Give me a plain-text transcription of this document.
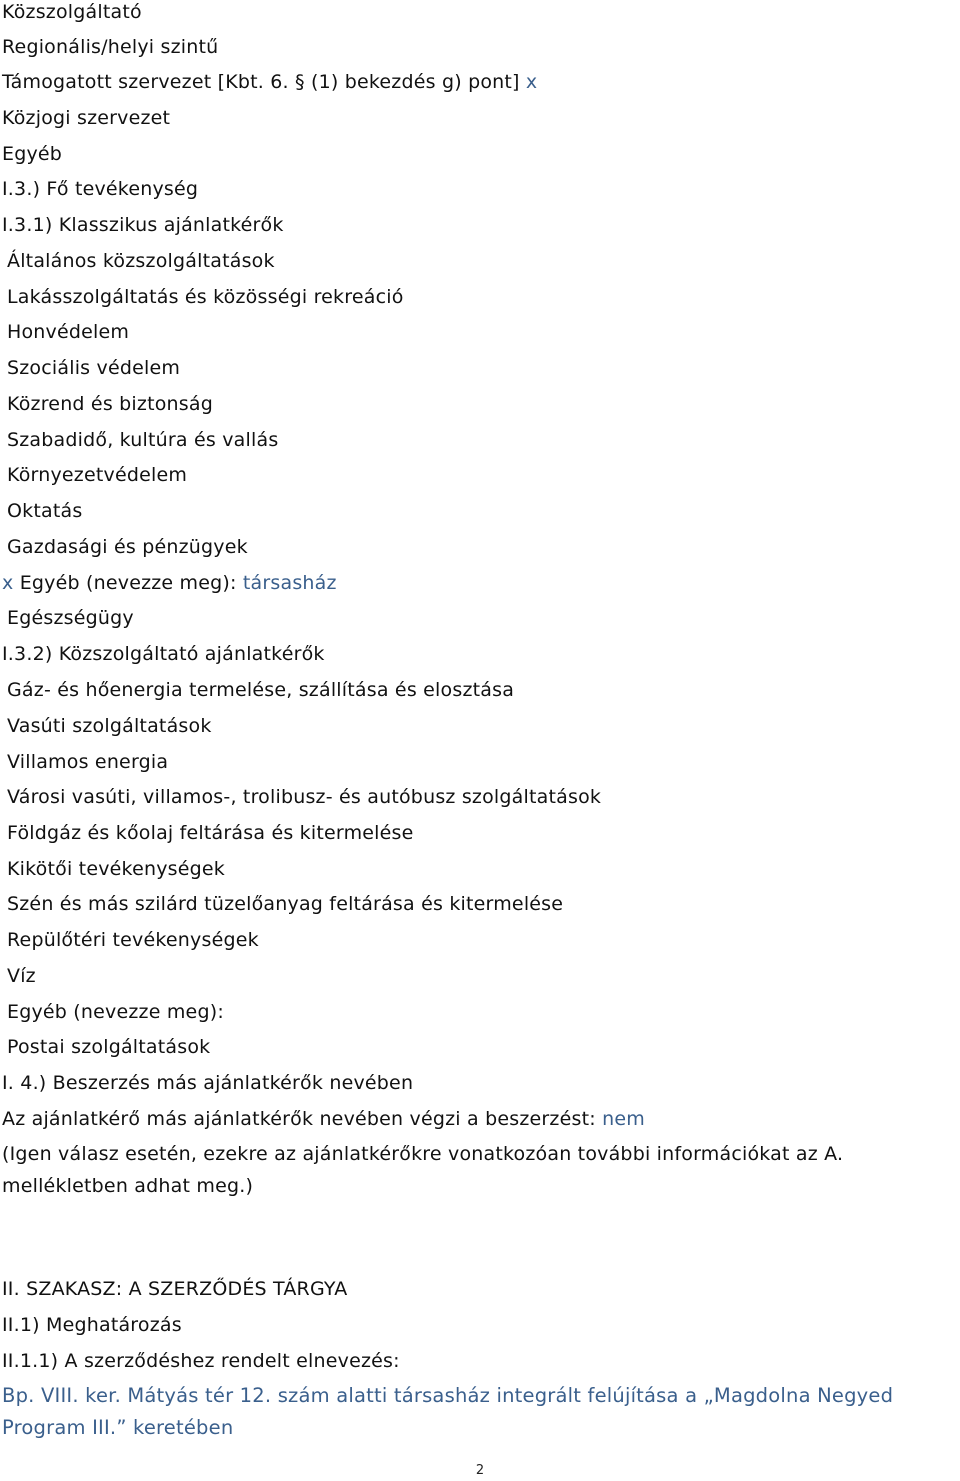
Közszolgáltató
Regionális/helyi szintű
Támogatott szervezet [Kbt. 6. § (1) bekezdés g) pont] x
Közjogi szervezet
Egyéb
I.3.) Fő tevékenység
I.3.1) Klasszikus ajánlatkérők
Általános közszolgáltatások
Lakásszolgáltatás és közösségi rekreáció
Honvédelem
Szociális védelem
Közrend és biztonság
Szabadidő, kultúra és vallás
Környezetvédelem
Oktatás
Gazdasági és pénzügyek
x Egyéb (nevezze meg): társasház
Egészségügy
I.3.2) Közszolgáltató ajánlatkérők
Gáz- és hőenergia termelése, szállítása és elosztása
Vasúti szolgáltatások
Villamos energia
Városi vasúti, villamos-, trolibusz- és autóbusz szolgáltatások
Földgáz és kőolaj feltárása és kitermelése
Kikötői tevékenységek
Szén és más szilárd tüzelőanyag feltárása és kitermelése
Repülőtéri tevékenységek
Víz
Egyéb (nevezze meg):
Postai szolgáltatások
I. 4.) Beszerzés más ajánlatkérők nevében
Az ajánlatkérő más ajánlatkérők nevében végzi a beszerzést: nem
(Igen válasz esetén, ezekre az ajánlatkérőkre vonatkozóan további információkat az A. mellékletben adhat meg.)
II. SZAKASZ: A SZERZŐDÉS TÁRGYA
II.1) Meghatározás
II.1.1) A szerződéshez rendelt elnevezés:
Bp. VIII. ker. Mátyás tér 12. szám alatti társasház integrált felújítása a „Magdolna Negyed Program III.” keretében
2
